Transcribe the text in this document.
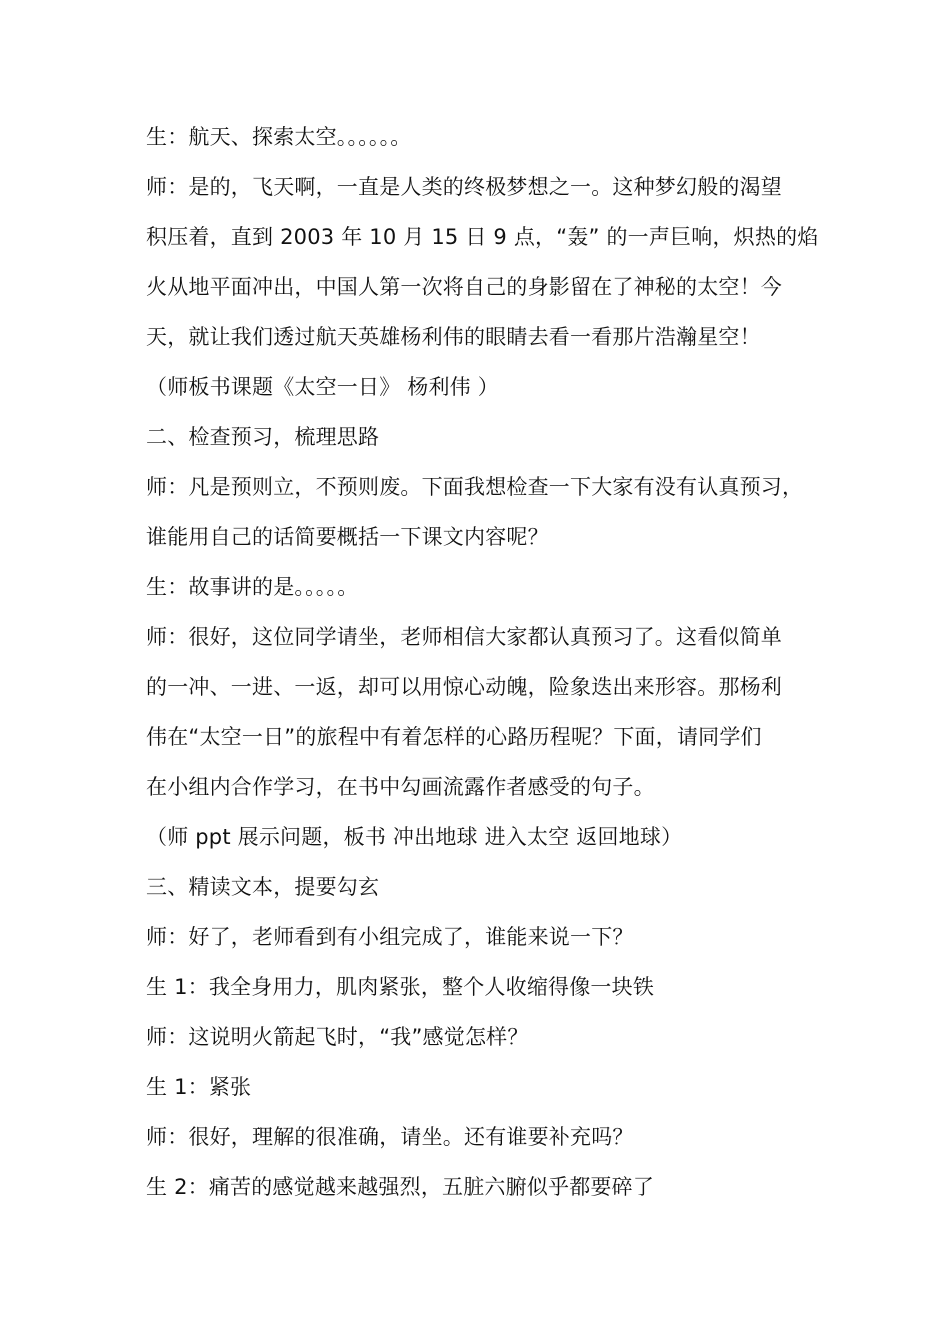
生：航天、探索太空。。。。。。
师：是的，飞天啊，一直是人类的终极梦想之一。这种梦幻般的渴望
积压着，直到 2003 年 10 月 15 日 9 点，“轰” 的一声巨响，炽热的焰
火从地平面冲出，中国人第一次将自己的身影留在了神秘的太空！今
天，就让我们透过航天英雄杨利伟的眼睛去看一看那片浩瀚星空！
（师板书课题《太空一日》 杨利伟 ）
二、检查预习，梳理思路
师：凡是预则立，不预则废。下面我想检查一下大家有没有认真预习，
谁能用自己的话简要概括一下课文内容呢？
生：故事讲的是。。。。。
师：很好，这位同学请坐，老师相信大家都认真预习了。这看似简单
的一冲、一进、一返，却可以用惊心动魄，险象迭出来形容。那杨利
伟在“太空一日”的旅程中有着怎样的心路历程呢？下面，请同学们
在小组内合作学习，在书中勾画流露作者感受的句子。
（师 ppt 展示问题，板书 冲出地球 进入太空 返回地球）
三、精读文本，提要勾玄
师：好了，老师看到有小组完成了，谁能来说一下？
生 1：我全身用力，肌肉紧张，整个人收缩得像一块铁
师：这说明火箭起飞时，“我”感觉怎样？
生 1：紧张
师：很好，理解的很准确，请坐。还有谁要补充吗？
生 2：痛苦的感觉越来越强烈，五脏六腑似乎都要碎了
